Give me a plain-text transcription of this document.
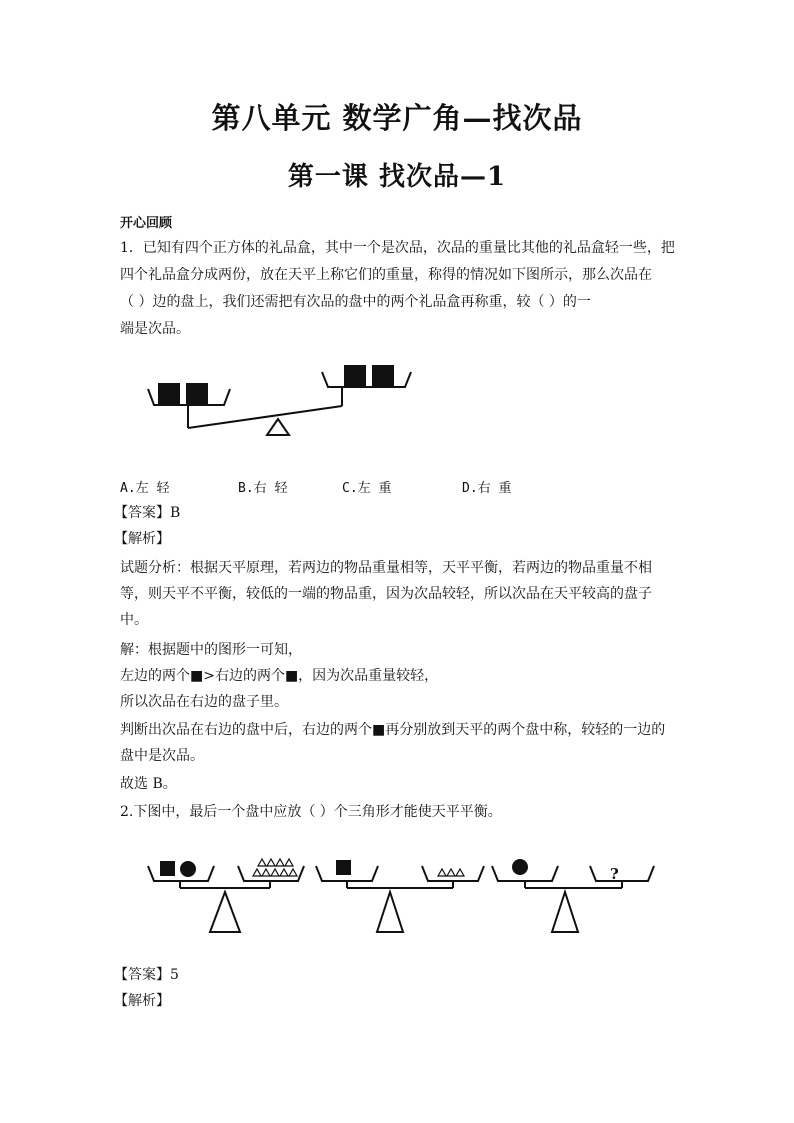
第八单元 数学广角—找次品
第一课 找次品—1
开心回顾
1．已知有四个正方体的礼品盒，其中一个是次品，次品的重量比其他的礼品盒轻一些，把
四个礼品盒分成两份，放在天平上称它们的重量，称得的情况如下图所示，那么次品在
（ ）边的盘上，我们还需把有次品的盘中的两个礼品盒再称重，较（ ）的一
端是次品。
A.左 轻	B.右 轻	C.左 重	D.右 重
【答案】B
【解析】
试题分析：根据天平原理，若两边的物品重量相等，天平平衡，若两边的物品重量不相
等，则天平不平衡，较低的一端的物品重，因为次品较轻，所以次品在天平较高的盘子
中。
解：根据题中的图形一可知，
左边的两个■>右边的两个■，因为次品重量较轻，
所以次品在右边的盘子里。
判断出次品在右边的盘中后，右边的两个■再分别放到天平的两个盘中称，较轻的一边的
盘中是次品。
故选 B。
2.下图中，最后一个盘中应放（ ）个三角形才能使天平平衡。
?
【答案】5
【解析】
